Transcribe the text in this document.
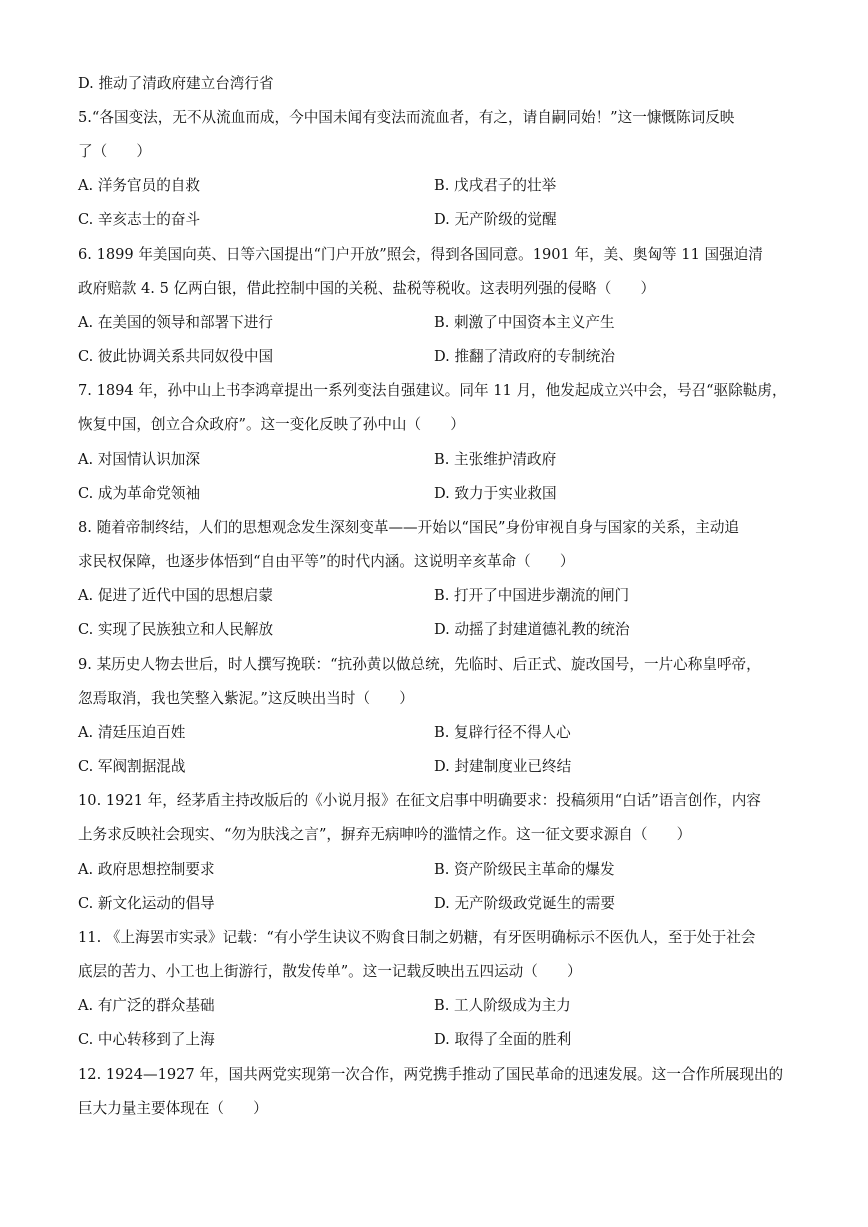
D. 推动了清政府建立台湾行省
5.“各国变法，无不从流血而成，今中国未闻有变法而流血者，有之，请自嗣同始！”这一慷慨陈词反映
了（　　）
A. 洋务官员的自救	B. 戊戌君子的壮举
C. 辛亥志士的奋斗	D. 无产阶级的觉醒
6. 1899 年美国向英、日等六国提出“门户开放”照会，得到各国同意。1901 年，美、奥匈等 11 国强迫清
政府赔款 4. 5 亿两白银，借此控制中国的关税、盐税等税收。这表明列强的侵略（　　）
A. 在美国的领导和部署下进行	B. 刺激了中国资本主义产生
C. 彼此协调关系共同奴役中国	D. 推翻了清政府的专制统治
7. 1894 年，孙中山上书李鸿章提出一系列变法自强建议。同年 11 月，他发起成立兴中会，号召“驱除鞑虏，
恢复中国，创立合众政府”。这一变化反映了孙中山（　　）
A. 对国情认识加深	B. 主张维护清政府
C. 成为革命党领袖	D. 致力于实业救国
8. 随着帝制终结，人们的思想观念发生深刻变革——开始以“国民”身份审视自身与国家的关系，主动追
求民权保障，也逐步体悟到“自由平等”的时代内涵。这说明辛亥革命（　　）
A. 促进了近代中国的思想启蒙	B. 打开了中国进步潮流的闸门
C. 实现了民族独立和人民解放	D. 动摇了封建道德礼教的统治
9. 某历史人物去世后，时人撰写挽联：“抗孙黄以做总统，先临时、后正式、旋改国号，一片心称皇呼帝，
忽焉取消，我也笑整入紫泥。”这反映出当时（　　）
A. 清廷压迫百姓	B. 复辟行径不得人心
C. 军阀割据混战	D. 封建制度业已终结
10. 1921 年，经茅盾主持改版后的《小说月报》在征文启事中明确要求：投稿须用“白话”语言创作，内容
上务求反映社会现实、“勿为肤浅之言”，摒弃无病呻吟的滥情之作。这一征文要求源自（　　）
A. 政府思想控制要求	B. 资产阶级民主革命的爆发
C. 新文化运动的倡导	D. 无产阶级政党诞生的需要
11. 《上海罢市实录》记载：“有小学生诀议不购食日制之奶糖，有牙医明确标示不医仇人，至于处于社会
底层的苦力、小工也上街游行，散发传单”。这一记载反映出五四运动（　　）
A. 有广泛的群众基础	B. 工人阶级成为主力
C. 中心转移到了上海	D. 取得了全面的胜利
12. 1924—1927 年，国共两党实现第一次合作，两党携手推动了国民革命的迅速发展。这一合作所展现出的
巨大力量主要体现在（　　）
